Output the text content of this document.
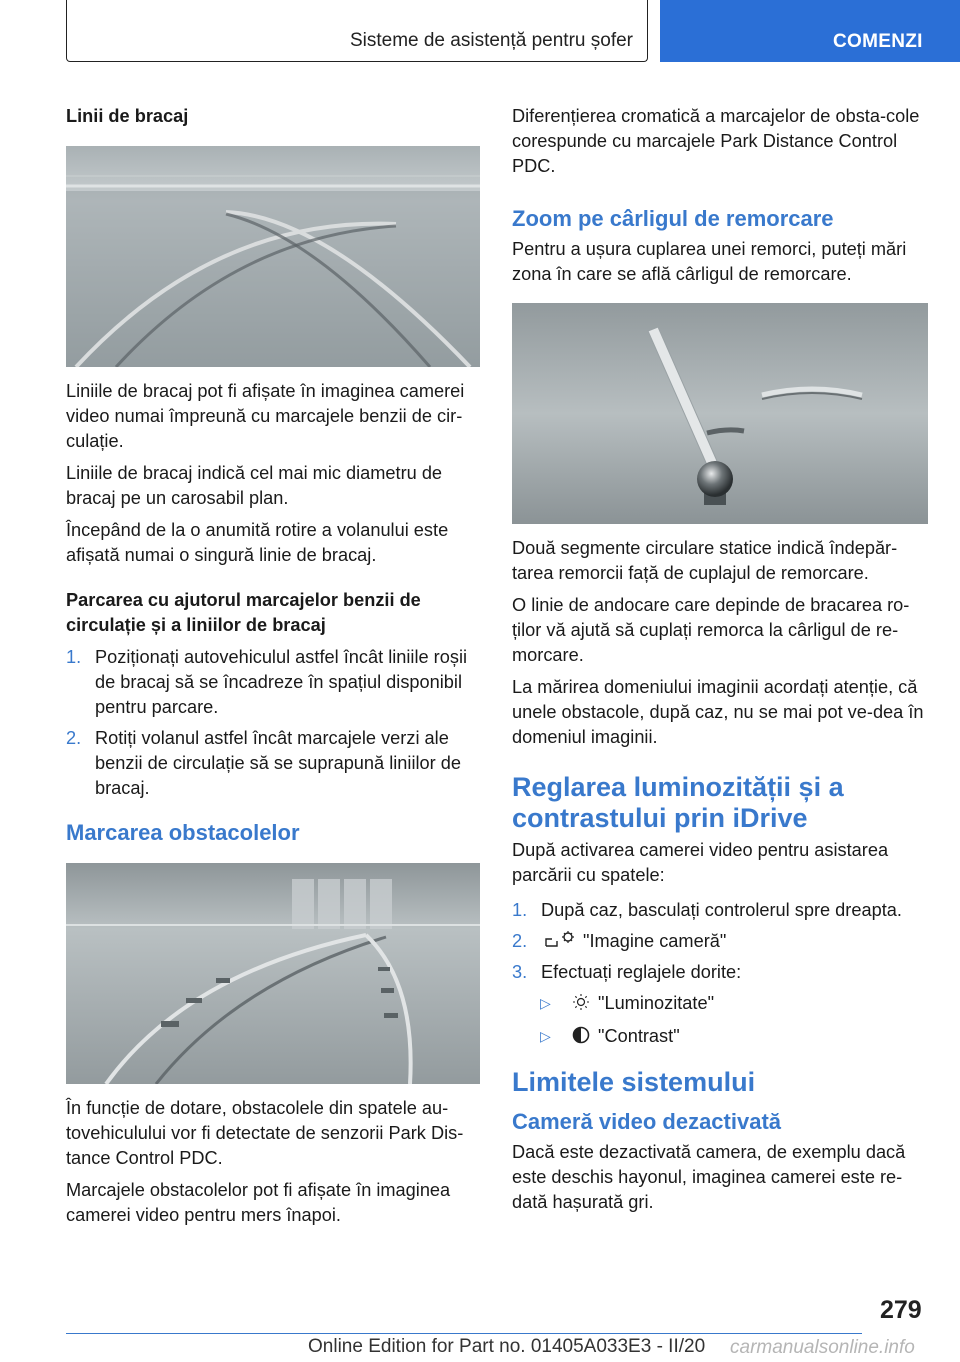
Sisteme de asistență pentru șofer	COMENZI

Linii de bracaj

Liniile de bracaj pot fi afișate în imaginea camerei video numai împreună cu marcajele benzii de cir-culație.

Liniile de bracaj indică cel mai mic diametru de bracaj pe un carosabil plan.

Începând de la o anumită rotire a volanului este afișată numai o singură linie de bracaj.

Parcarea cu ajutorul marcajelor benzii de circulație și a liniilor de bracaj

1. Poziționați autovehiculul astfel încât liniile roșii de bracaj să se încadreze în spațiul disponibil pentru parcare.
2. Rotiți volanul astfel încât marcajele verzi ale benzii de circulație să se suprapună liniilor de bracaj.

Marcarea obstacolelor

În funcție de dotare, obstacolele din spatele au-tovehiculului vor fi detectate de senzorii Park Dis-tance Control PDC.

Marcajele obstacolelor pot fi afișate în imaginea camerei video pentru mers înapoi.

Diferențierea cromatică a marcajelor de obsta-cole corespunde cu marcajele Park Distance Control PDC.

Zoom pe cârligul de remorcare

Pentru a ușura cuplarea unei remorci, puteți mări zona în care se află cârligul de remorcare.

Două segmente circulare statice indică îndepăr-tarea remorcii față de cuplajul de remorcare.

O linie de andocare care depinde de bracarea ro-ților vă ajută să cuplați remorca la cârligul de re-morcare.

La mărirea domeniului imaginii acordați atenție, că unele obstacole, după caz, nu se mai pot ve-dea în domeniul imaginii.

Reglarea luminozității și a contrastului prin iDrive

După activarea camerei video pentru asistarea parcării cu spatele:

1. După caz, basculați controlerul spre dreapta.
2.	"Imagine cameră"
3. Efectuați reglajele dorite:
▷	"Luminozitate"
▷	"Contrast"

Limitele sistemului

Cameră video dezactivată

Dacă este dezactivată camera, de exemplu dacă este deschis hayonul, imaginea camerei este re-dată hașurată gri.

279
Online Edition for Part no. 01405A033E3 - II/20 carmanualsonline.info
